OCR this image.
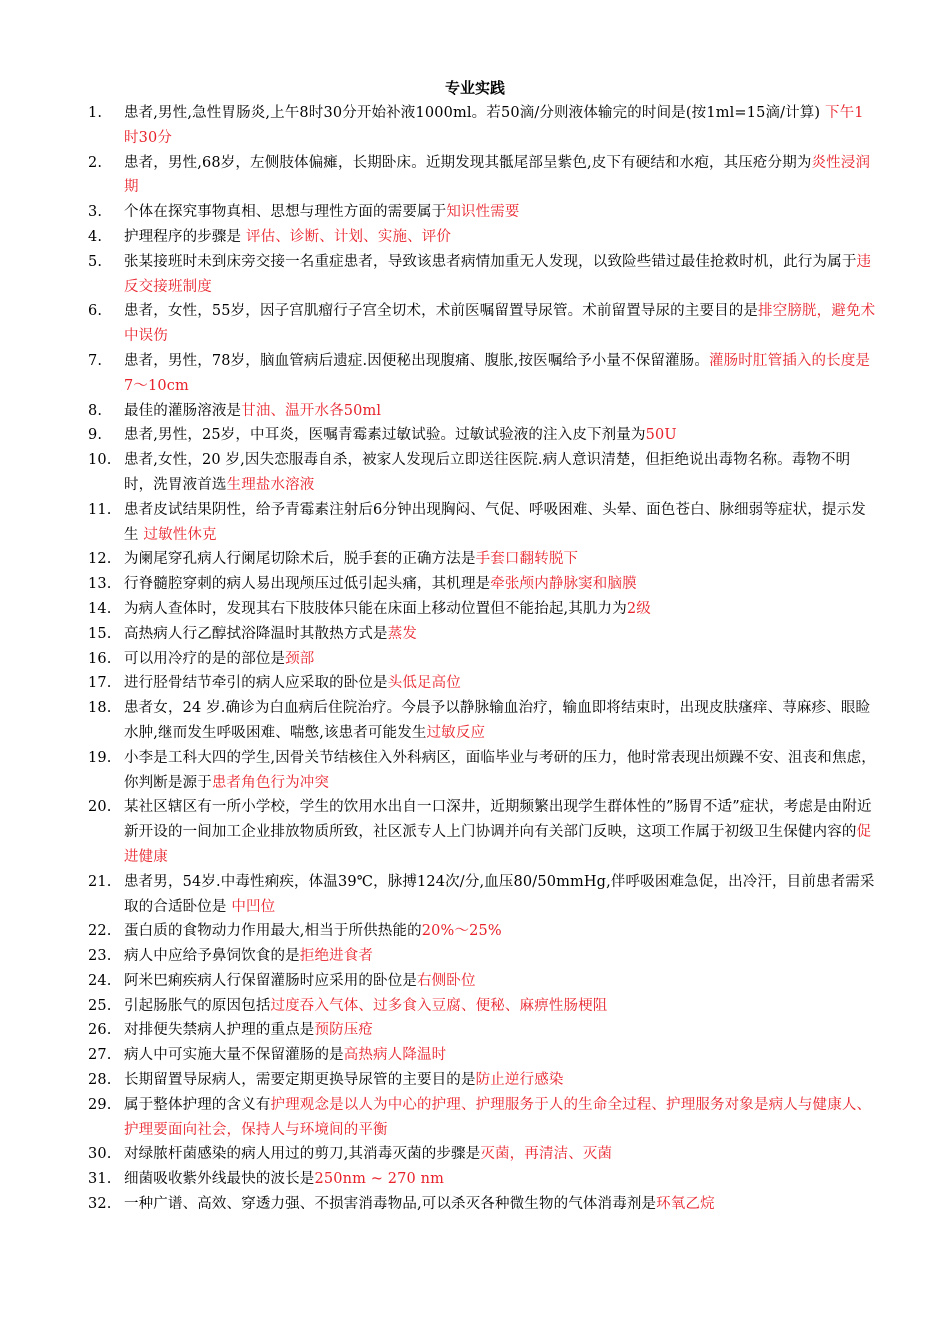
专业实践
1.	患者,男性,急性胃肠炎,上午8时30分开始补液1000ml。若50滴/分则液体输完的时间是(按1ml=15滴/计算) 下午1时30分
2.	患者，男性,68岁，左侧肢体偏瘫，长期卧床。近期发现其骶尾部呈紫色,皮下有硬结和水疱，其压疮分期为炎性浸润期
3.	个体在探究事物真相、思想与理性方面的需要属于知识性需要
4.	护理程序的步骤是 评估、诊断、计划、实施、评价
5.	张某接班时未到床旁交接一名重症患者，导致该患者病情加重无人发现，以致险些错过最佳抢救时机，此行为属于违反交接班制度
6.	患者，女性，55岁，因子宫肌瘤行子宫全切术，术前医嘱留置导尿管。术前留置导尿的主要目的是排空膀胱，避免术中误伤
7.	患者，男性，78岁，脑血管病后遗症.因便秘出现腹痛、腹胀,按医嘱给予小量不保留灌肠。灌肠时肛管插入的长度是7～10cm
8.	最佳的灌肠溶液是甘油、温开水各50ml
9.	患者,男性，25岁，中耳炎，医嘱青霉素过敏试验。过敏试验液的注入皮下剂量为50U
10. 患者,女性，20 岁,因失恋服毒自杀，被家人发现后立即送往医院.病人意识清楚，但拒绝说出毒物名称。毒物不明时，洗胃液首选生理盐水溶液
11. 患者皮试结果阴性，给予青霉素注射后6分钟出现胸闷、气促、呼吸困难、头晕、面色苍白、脉细弱等症状，提示发生 过敏性休克
12. 为阑尾穿孔病人行阑尾切除术后，脱手套的正确方法是手套口翻转脱下
13. 行脊髓腔穿刺的病人易出现颅压过低引起头痛，其机理是牵张颅内静脉窦和脑膜
14. 为病人查体时，发现其右下肢肢体只能在床面上移动位置但不能抬起,其肌力为2级
15. 高热病人行乙醇拭浴降温时其散热方式是蒸发
16. 可以用冷疗的是的部位是颈部
17. 进行胫骨结节牵引的病人应采取的卧位是头低足高位
18. 患者女，24 岁.确诊为白血病后住院治疗。今晨予以静脉输血治疗，输血即将结束时，出现皮肤瘙痒、荨麻疹、眼睑水肿,继而发生呼吸困难、喘憋,该患者可能发生过敏反应
19. 小李是工科大四的学生,因骨关节结核住入外科病区，面临毕业与考研的压力，他时常表现出烦躁不安、沮丧和焦虑，你判断是源于患者角色行为冲突
20. 某社区辖区有一所小学校，学生的饮用水出自一口深井，近期频繁出现学生群体性的”肠胃不适”症状，考虑是由附近新开设的一间加工企业排放物质所致，社区派专人上门协调并向有关部门反映，这项工作属于初级卫生保健内容的促进健康
21. 患者男，54岁.中毒性痢疾，体温39℃，脉搏124次/分,血压80/50mmHg,伴呼吸困难急促，出冷汗，目前患者需采取的合适卧位是 中凹位
22. 蛋白质的食物动力作用最大,相当于所供热能的20%～25%
23. 病人中应给予鼻饲饮食的是拒绝进食者
24. 阿米巴痢疾病人行保留灌肠时应采用的卧位是右侧卧位
25. 引起肠胀气的原因包括过度吞入气体、过多食入豆腐、便秘、麻痹性肠梗阻
26. 对排便失禁病人护理的重点是预防压疮
27. 病人中可实施大量不保留灌肠的是高热病人降温时
28. 长期留置导尿病人，需要定期更换导尿管的主要目的是防止逆行感染
29. 属于整体护理的含义有护理观念是以人为中心的护理、护理服务于人的生命全过程、护理服务对象是病人与健康人、护理要面向社会，保持人与环境间的平衡
30. 对绿脓杆菌感染的病人用过的剪刀,其消毒灭菌的步骤是灭菌，再清洁、灭菌
31. 细菌吸收紫外线最快的波长是250nm ~ 270 nm
32. 一种广谱、高效、穿透力强、不损害消毒物品,可以杀灭各种微生物的气体消毒剂是环氧乙烷
